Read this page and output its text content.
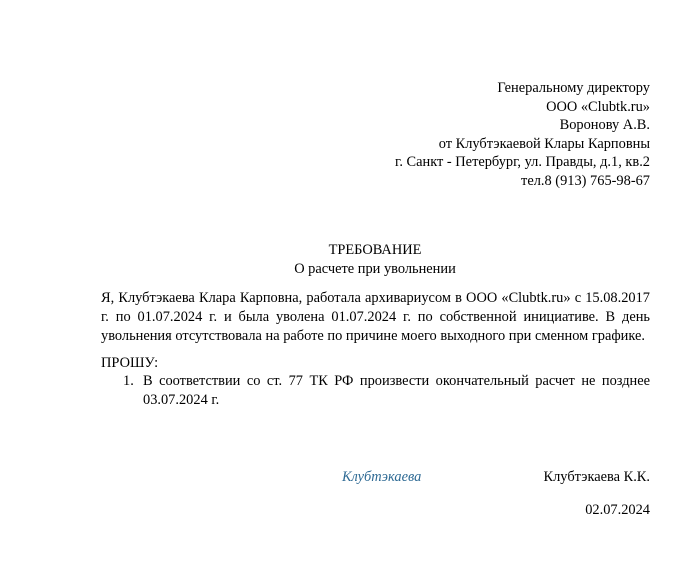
Генеральному директору
ООО «Clubtk.ru»
Воронову А.В.
от Клубтэкаевой Клары Карповны
г. Санкт - Петербург, ул. Правды, д.1, кв.2
тел.8 (913) 765-98-67
ТРЕБОВАНИЕ
О расчете при увольнении
Я, Клубтэкаева Клара Карповна, работала архивариусом в ООО «Clubtk.ru» с 15.08.2017 г. по 01.07.2024 г. и была уволена 01.07.2024 г. по собственной инициативе. В день увольнения отсутствовала на работе по причине моего выходного при сменном графике.
ПРОШУ:
1. В соответствии со ст. 77 ТК РФ произвести окончательный расчет не позднее 03.07.2024 г.
Клубтэкаева	Клубтэкаева К.К.
02.07.2024
